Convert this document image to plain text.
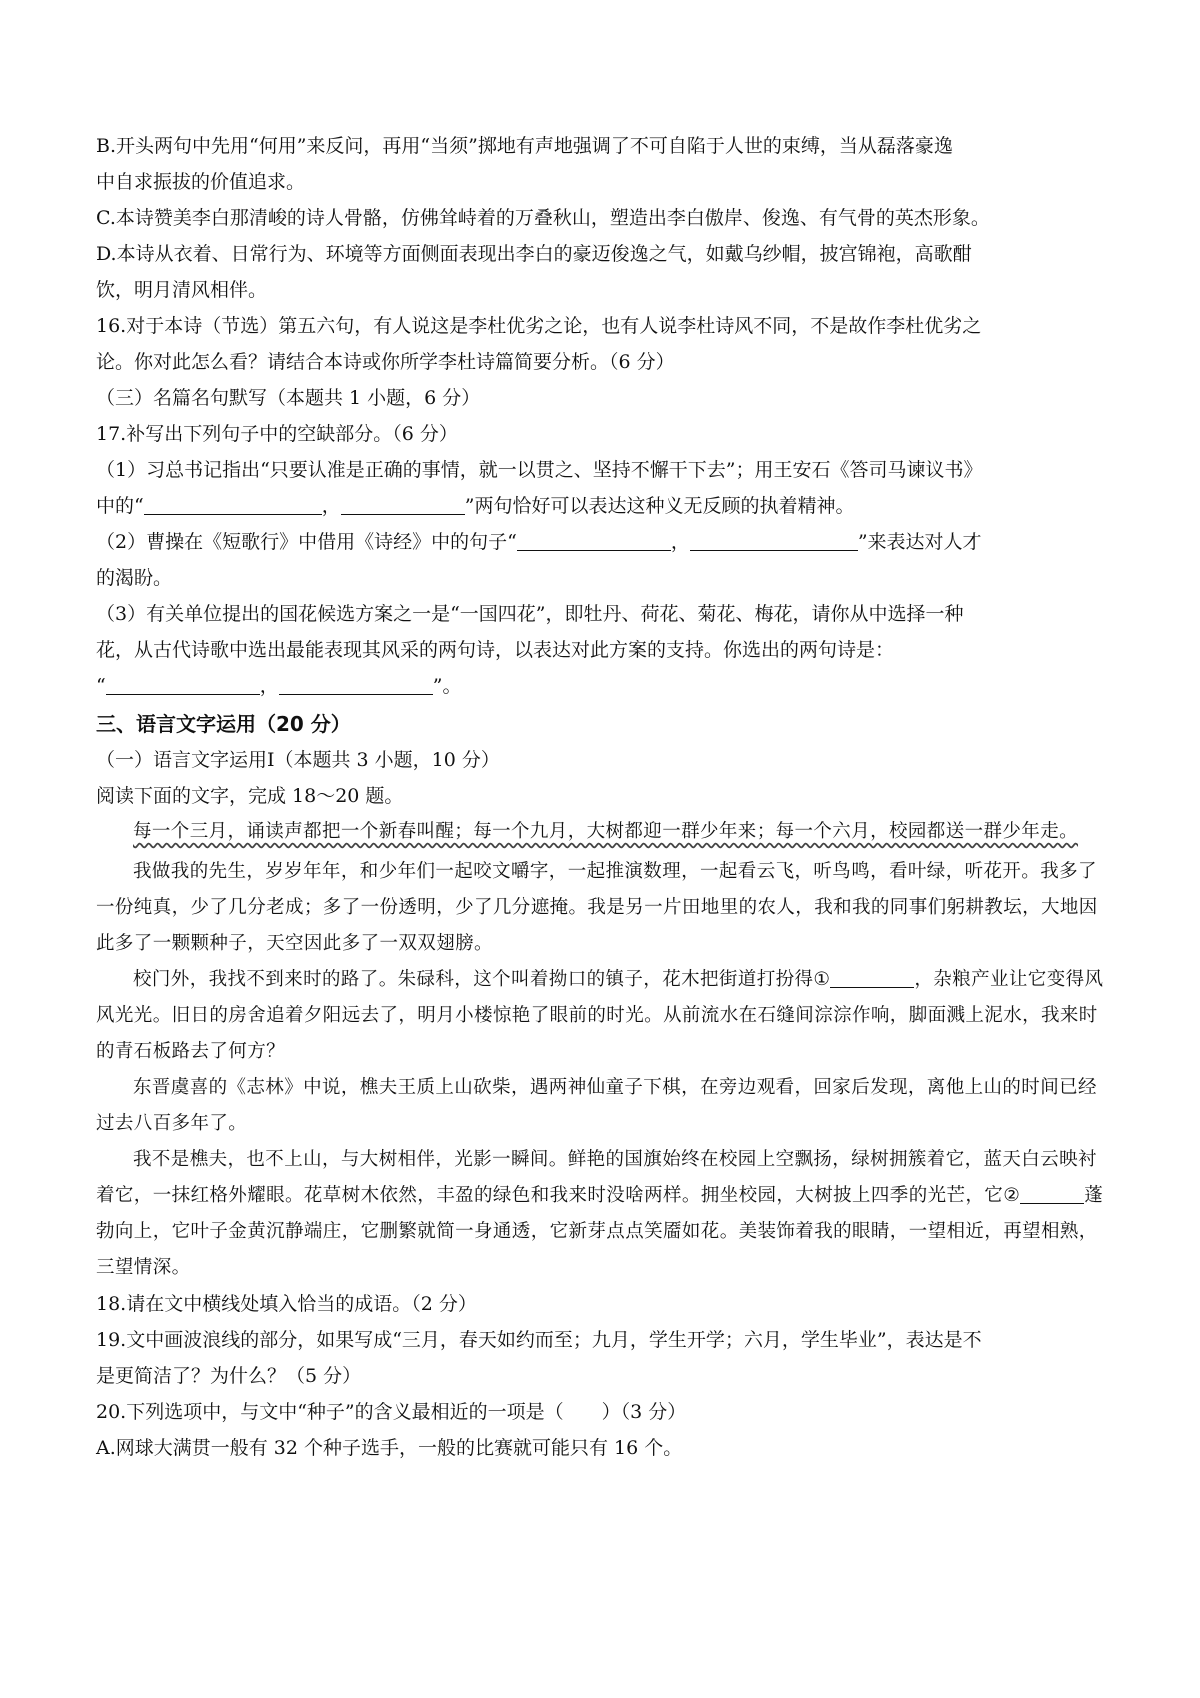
B.开头两句中先用“何用”来反问，再用“当须”掷地有声地强调了不可自陷于人世的束缚，当从磊落豪逸
中自求振拔的价值追求。
C.本诗赞美李白那清峻的诗人骨骼，仿佛耸峙着的万叠秋山，塑造出李白傲岸、俊逸、有气骨的英杰形象。
D.本诗从衣着、日常行为、环境等方面侧面表现出李白的豪迈俊逸之气，如戴乌纱帽，披宫锦袍，高歌酣
饮，明月清风相伴。
16.对于本诗（节选）第五六句，有人说这是李杜优劣之论，也有人说李杜诗风不同，不是故作李杜优劣之
论。你对此怎么看？请结合本诗或你所学李杜诗篇简要分析。（6 分）
（三）名篇名句默写（本题共 1 小题，6 分）
17.补写出下列句子中的空缺部分。（6 分）
（1）习总书记指出“只要认准是正确的事情，就一以贯之、坚持不懈干下去”；用王安石《答司马谏议书》
中的“	，	”两句恰好可以表达这种义无反顾的执着精神。
（2）曹操在《短歌行》中借用《诗经》中的句子“	，	”来表达对人才
的渴盼。
（3）有关单位提出的国花候选方案之一是“一国四花”，即牡丹、荷花、菊花、梅花，请你从中选择一种
花，从古代诗歌中选出最能表现其风采的两句诗，以表达对此方案的支持。你选出的两句诗是：
“	，	”。
三、语言文字运用（20 分）
（一）语言文字运用Ⅰ（本题共 3 小题，10 分）
阅读下面的文字，完成 18～20 题。
每一个三月，诵读声都把一个新春叫醒；每一个九月，大树都迎一群少年来；每一个六月，校园都送一群少年走。
我做我的先生，岁岁年年，和少年们一起咬文嚼字，一起推演数理，一起看云飞，听鸟鸣，看叶绿，听花开。我多了一份纯真，少了几分老成；多了一份透明，少了几分遮掩。我是另一片田地里的农人，我和我的同事们躬耕教坛，大地因此多了一颗颗种子，天空因此多了一双双翅膀。
校门外，我找不到来时的路了。朱碌科，这个叫着拗口的镇子，花木把街道打扮得①	，杂粮产业让它变得风风光光。旧日的房舍追着夕阳远去了，明月小楼惊艳了眼前的时光。从前流水在石缝间淙淙作响，脚面溅上泥水，我来时的青石板路去了何方？
东晋虞喜的《志林》中说，樵夫王质上山砍柴，遇两神仙童子下棋，在旁边观看，回家后发现，离他上山的时间已经过去八百多年了。
我不是樵夫，也不上山，与大树相伴，光影一瞬间。鲜艳的国旗始终在校园上空飘扬，绿树拥簇着它，蓝天白云映衬着它，一抹红格外耀眼。花草树木依然，丰盈的绿色和我来时没啥两样。拥坐校园，大树披上四季的光芒，它②	蓬勃向上，它叶子金黄沉静端庄，它删繁就简一身通透，它新芽点点笑靥如花。美装饰着我的眼睛，一望相近，再望相熟，三望情深。
18.请在文中横线处填入恰当的成语。（2 分）
19.文中画波浪线的部分，如果写成“三月，春天如约而至；九月，学生开学；六月，学生毕业”，表达是不
是更简洁了？为什么？（5 分）
20.下列选项中，与文中“种子”的含义最相近的一项是（　　）（3 分）
A.网球大满贯一般有 32 个种子选手，一般的比赛就可能只有 16 个。
